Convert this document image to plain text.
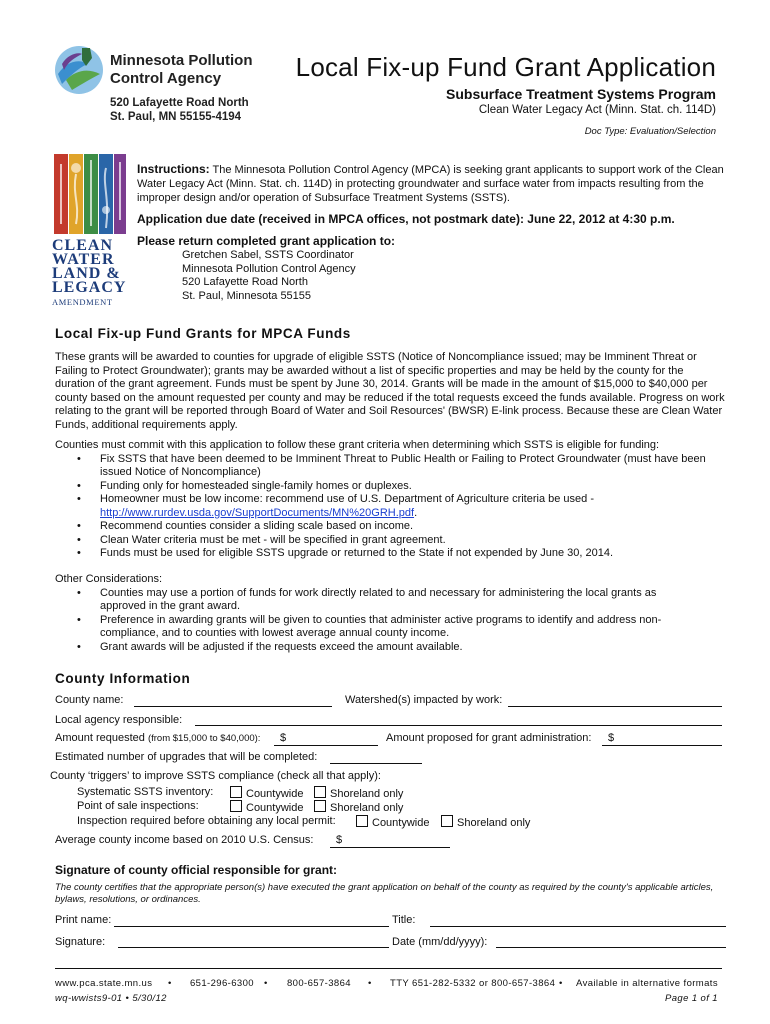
Minnesota Pollution
Control Agency
520 Lafayette Road North
St. Paul, MN 55155-4194
Local Fix-up Fund Grant Application
Subsurface Treatment Systems Program
Clean Water Legacy Act (Minn. Stat. ch. 114D)
Doc Type: Evaluation/Selection
CLEAN
WATER
LAND &
LEGACY
AMENDMENT
Instructions: The Minnesota Pollution Control Agency (MPCA) is seeking grant applicants to support work of the Clean Water Legacy Act (Minn. Stat. ch. 114D) in protecting groundwater and surface water from impacts resulting from the improper design and/or operation of Subsurface Treatment Systems (SSTS).
Application due date (received in MPCA offices, not postmark date): June 22, 2012 at 4:30 p.m.
Please return completed grant application to:
Gretchen Sabel, SSTS Coordinator
Minnesota Pollution Control Agency
520 Lafayette Road North
St. Paul, Minnesota 55155
Local Fix-up Fund Grants for MPCA Funds
These grants will be awarded to counties for upgrade of eligible SSTS (Notice of Noncompliance issued; may be Imminent Threat or Failing to Protect Groundwater); grants may be awarded without a list of specific properties and may be held by the county for the duration of the grant agreement. Funds must be spent by June 30, 2014. Grants will be made in the amount of $15,000 to $40,000 per county based on the amount requested per county and may be reduced if the total requests exceed the funds available. Progress on work relating to the grant will be reported through Board of Water and Soil Resources' (BWSR) E-link process. Because these are Clean Water Funds, additional requirements apply.
Counties must commit with this application to follow these grant criteria when determining which SSTS is eligible for funding:
• Fix SSTS that have been deemed to be Imminent Threat to Public Health or Failing to Protect Groundwater (must have been issued Notice of Noncompliance)
• Funding only for homesteaded single-family homes or duplexes.
• Homeowner must be low income: recommend use of U.S. Department of Agriculture criteria be used -
http://www.rurdev.usda.gov/SupportDocuments/MN%20GRH.pdf.
• Recommend counties consider a sliding scale based on income.
• Clean Water criteria must be met - will be specified in grant agreement.
• Funds must be used for eligible SSTS upgrade or returned to the State if not expended by June 30, 2014.
Other Considerations:
• Counties may use a portion of funds for work directly related to and necessary for administering the local grants as approved in the grant award.
• Preference in awarding grants will be given to counties that administer active programs to identify and address non-compliance, and to counties with lowest average annual county income.
• Grant awards will be adjusted if the requests exceed the amount available.
County Information
County name:	Watershed(s) impacted by work:
Local agency responsible:
Amount requested (from $15,000 to $40,000): $	Amount proposed for grant administration: $
Estimated number of upgrades that will be completed:
County ‘triggers’ to improve SSTS compliance (check all that apply):
Systematic SSTS inventory:	Countywide	Shoreland only
Point of sale inspections:	Countywide	Shoreland only
Inspection required before obtaining any local permit:	Countywide	Shoreland only
Average county income based on 2010 U.S. Census: $
Signature of county official responsible for grant:
The county certifies that the appropriate person(s) have executed the grant application on behalf of the county as required by the county's applicable articles, bylaws, resolutions, or ordinances.
Print name:	Title:
Signature:	Date (mm/dd/yyyy):
www.pca.state.mn.us • 651-296-6300 • 800-657-3864 • TTY 651-282-5332 or 800-657-3864 • Available in alternative formats
wq-wwists9-01 • 5/30/12	Page 1 of 1
